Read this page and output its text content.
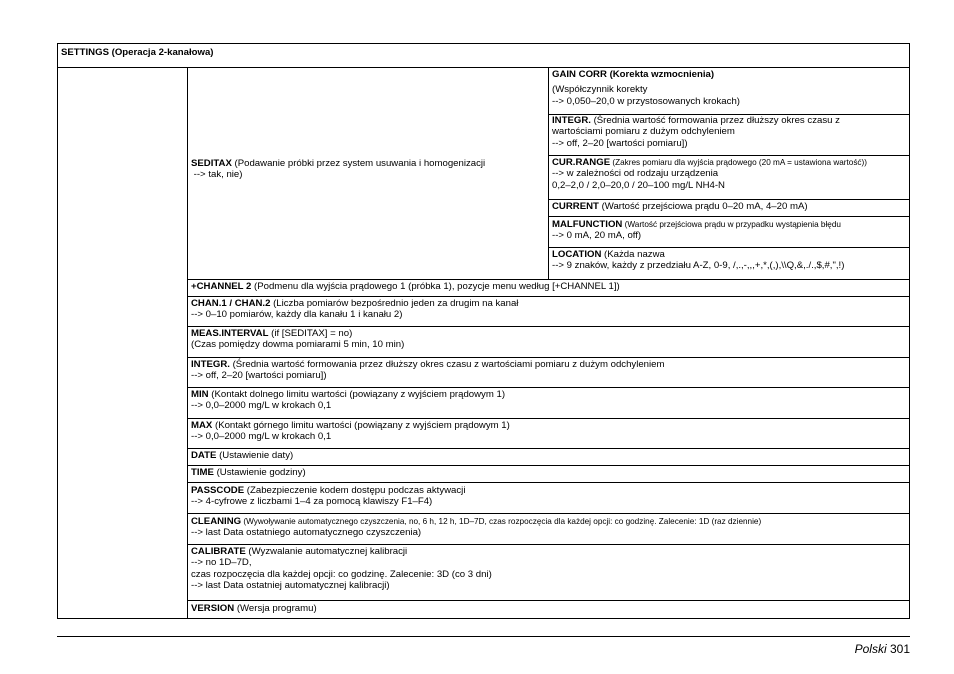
SETTINGS (Operacja 2-kanałowa)
SEDITAX (Podawanie próbki przez system usuwania i homogenizacji
--> tak, nie)
GAIN CORR (Korekta wzmocnienia)
(Współczynnik korekty
--> 0,050–20,0 w przystosowanych krokach)
INTEGR. (Średnia wartość formowania przez dłuższy okres czasu z
wartościami pomiaru z dużym odchyleniem
--> off, 2–20 [wartości pomiaru])
CUR.RANGE (Zakres pomiaru dla wyjścia prądowego (20 mA = ustawiona wartość))
--> w zależności od rodzaju urządzenia
0,2–2,0 / 2,0–20,0 / 20–100 mg/L NH4-N
CURRENT (Wartość przejściowa prądu 0–20 mA, 4–20 mA)
MALFUNCTION (Wartość przejściowa prądu w przypadku wystąpienia błędu
--> 0 mA, 20 mA, off)
LOCATION (Każda nazwa
--> 9 znaków, każdy z przedziału A-Z, 0-9, /,.,-,,,+,*,(,),\\Q,&,./.,$,#,",!)
+CHANNEL 2 (Podmenu dla wyjścia prądowego 1 (próbka 1), pozycje menu według [+CHANNEL 1])
CHAN.1 / CHAN.2 (Liczba pomiarów bezpośrednio jeden za drugim na kanał
--> 0–10 pomiarów, każdy dla kanału 1 i kanału 2)
MEAS.INTERVAL (if [SEDITAX] = no)
(Czas pomiędzy dowma pomiarami 5 min, 10 min)
INTEGR. (Średnia wartość formowania przez dłuższy okres czasu z wartościami pomiaru z dużym odchyleniem
--> off, 2–20 [wartości pomiaru])
MIN (Kontakt dolnego limitu wartości (powiązany z wyjściem prądowym 1)
--> 0,0–2000 mg/L w krokach 0,1
MAX (Kontakt górnego limitu wartości (powiązany z wyjściem prądowym 1)
--> 0,0–2000 mg/L w krokach 0,1
DATE (Ustawienie daty)
TIME (Ustawienie godziny)
PASSCODE (Zabezpieczenie kodem dostępu podczas aktywacji
--> 4-cyfrowe z liczbami 1–4 za pomocą klawiszy F1–F4)
CLEANING (Wywoływanie automatycznego czyszczenia, no, 6 h, 12 h, 1D–7D, czas rozpoczęcia dla każdej opcji: co godzinę. Zalecenie: 1D (raz dziennie)
--> last Data ostatniego automatycznego czyszczenia)
CALIBRATE (Wyzwalanie automatycznej kalibracji
--> no 1D–7D,
czas rozpoczęcia dla każdej opcji: co godzinę. Zalecenie: 3D (co 3 dni)
--> last Data ostatniej automatycznej kalibracji)
VERSION (Wersja programu)
Polski 301
